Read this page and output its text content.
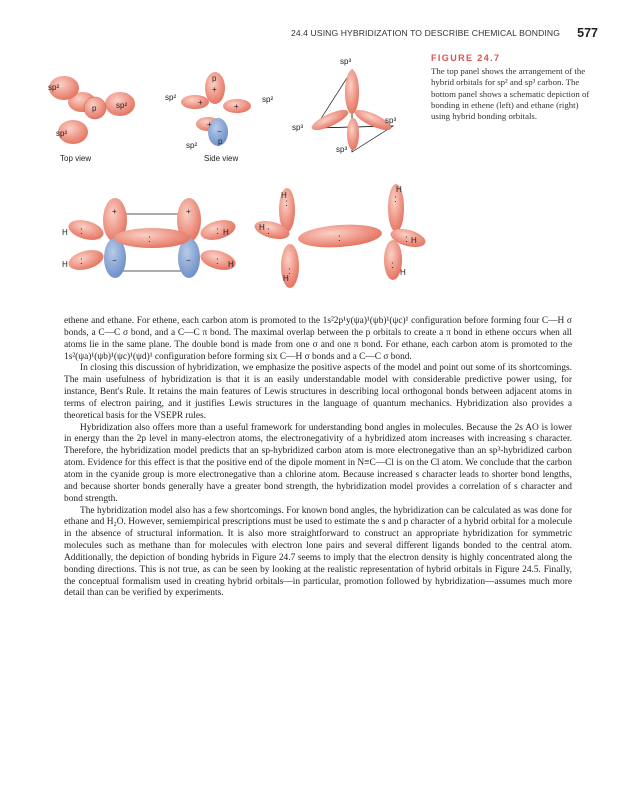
24.4 USING HYBRIDIZATION TO DESCRIBE CHEMICAL BONDING 577
sp²
p sp²
sp²
Top view
p
+
+	+
+
−
p
sp²	sp²
sp²
Side view
sp³
sp³
sp³
sp³
+	+
−	−
:
:
:
:
:
H
H
H
H
:
:
:
:
:
:
:
H
H
H
H
H
H
FIGURE 24.7
The top panel shows the arrangement of the hybrid orbitals for sp² and sp³ carbon. The bottom panel shows a schematic depiction of bonding in ethene (left) and ethane (right) using hybrid bonding orbitals.

ethene and ethane. For ethene, each carbon atom is promoted to the 1s²2p¹y(ψa)¹(ψb)¹(ψc)¹ configuration before forming four C—H σ bonds, a C—C σ bond, and a C—C π bond. The maximal overlap between the p orbitals to create a π bond in ethene occurs when all atoms lie in the same plane. The double bond is made from one σ and one π bond. For ethane, each carbon atom is promoted to the 1s²(ψa)¹(ψb)¹(ψc)¹(ψd)¹ configuration before forming six C—H σ bonds and a C—C σ bond.

In closing this discussion of hybridization, we emphasize the positive aspects of the model and point out some of its shortcomings. The main usefulness of hybridization is that it is an easily understandable model with considerable predictive power using, for instance, Bent's Rule. It retains the main features of Lewis structures in describing local orthogonal bonds between adjacent atoms in terms of electron pairing, and it justifies Lewis structures in the language of quantum mechanics. Hybridization also provides a theoretical basis for the VSEPR rules.

Hybridization also offers more than a useful framework for understanding bond angles in molecules. Because the 2s AO is lower in energy than the 2p level in many-electron atoms, the electronegativity of a hybridized atom increases with increasing s character. Therefore, the hybridization model predicts that an sp-hybridized carbon atom is more electronegative than an sp³-hybridized carbon atom. Evidence for this effect is that the positive end of the dipole moment in N≡C—Cl is on the Cl atom. We conclude that the carbon atom in the cyanide group is more electronegative than a chlorine atom. Because increased s character leads to shorter bond lengths, and because shorter bonds generally have a greater bond strength, the hybridization model provides a correlation of s character and bond strength.

The hybridization model also has a few shortcomings. For known bond angles, the hybridization can be calculated as was done for ethane and H₂O. However, semiempirical prescriptions must be used to estimate the s and p character of a hybrid orbital for a molecule in the absence of structural information. It is also more straightforward to construct an appropriate hybridization for symmetric molecules such as methane than for molecules with electron lone pairs and several different ligands bonded to the central atom. Additionally, the depiction of bonding hybrids in Figure 24.7 seems to imply that the electron density is highly concentrated along the bonding directions. This is not true, as can be seen by looking at the realistic representation of hybrid orbitals in Figure 24.5. Finally, the conceptual formalism used in creating hybrid orbitals—in particular, promotion followed by hybridization—assumes much more detail than can be verified by experiments.
